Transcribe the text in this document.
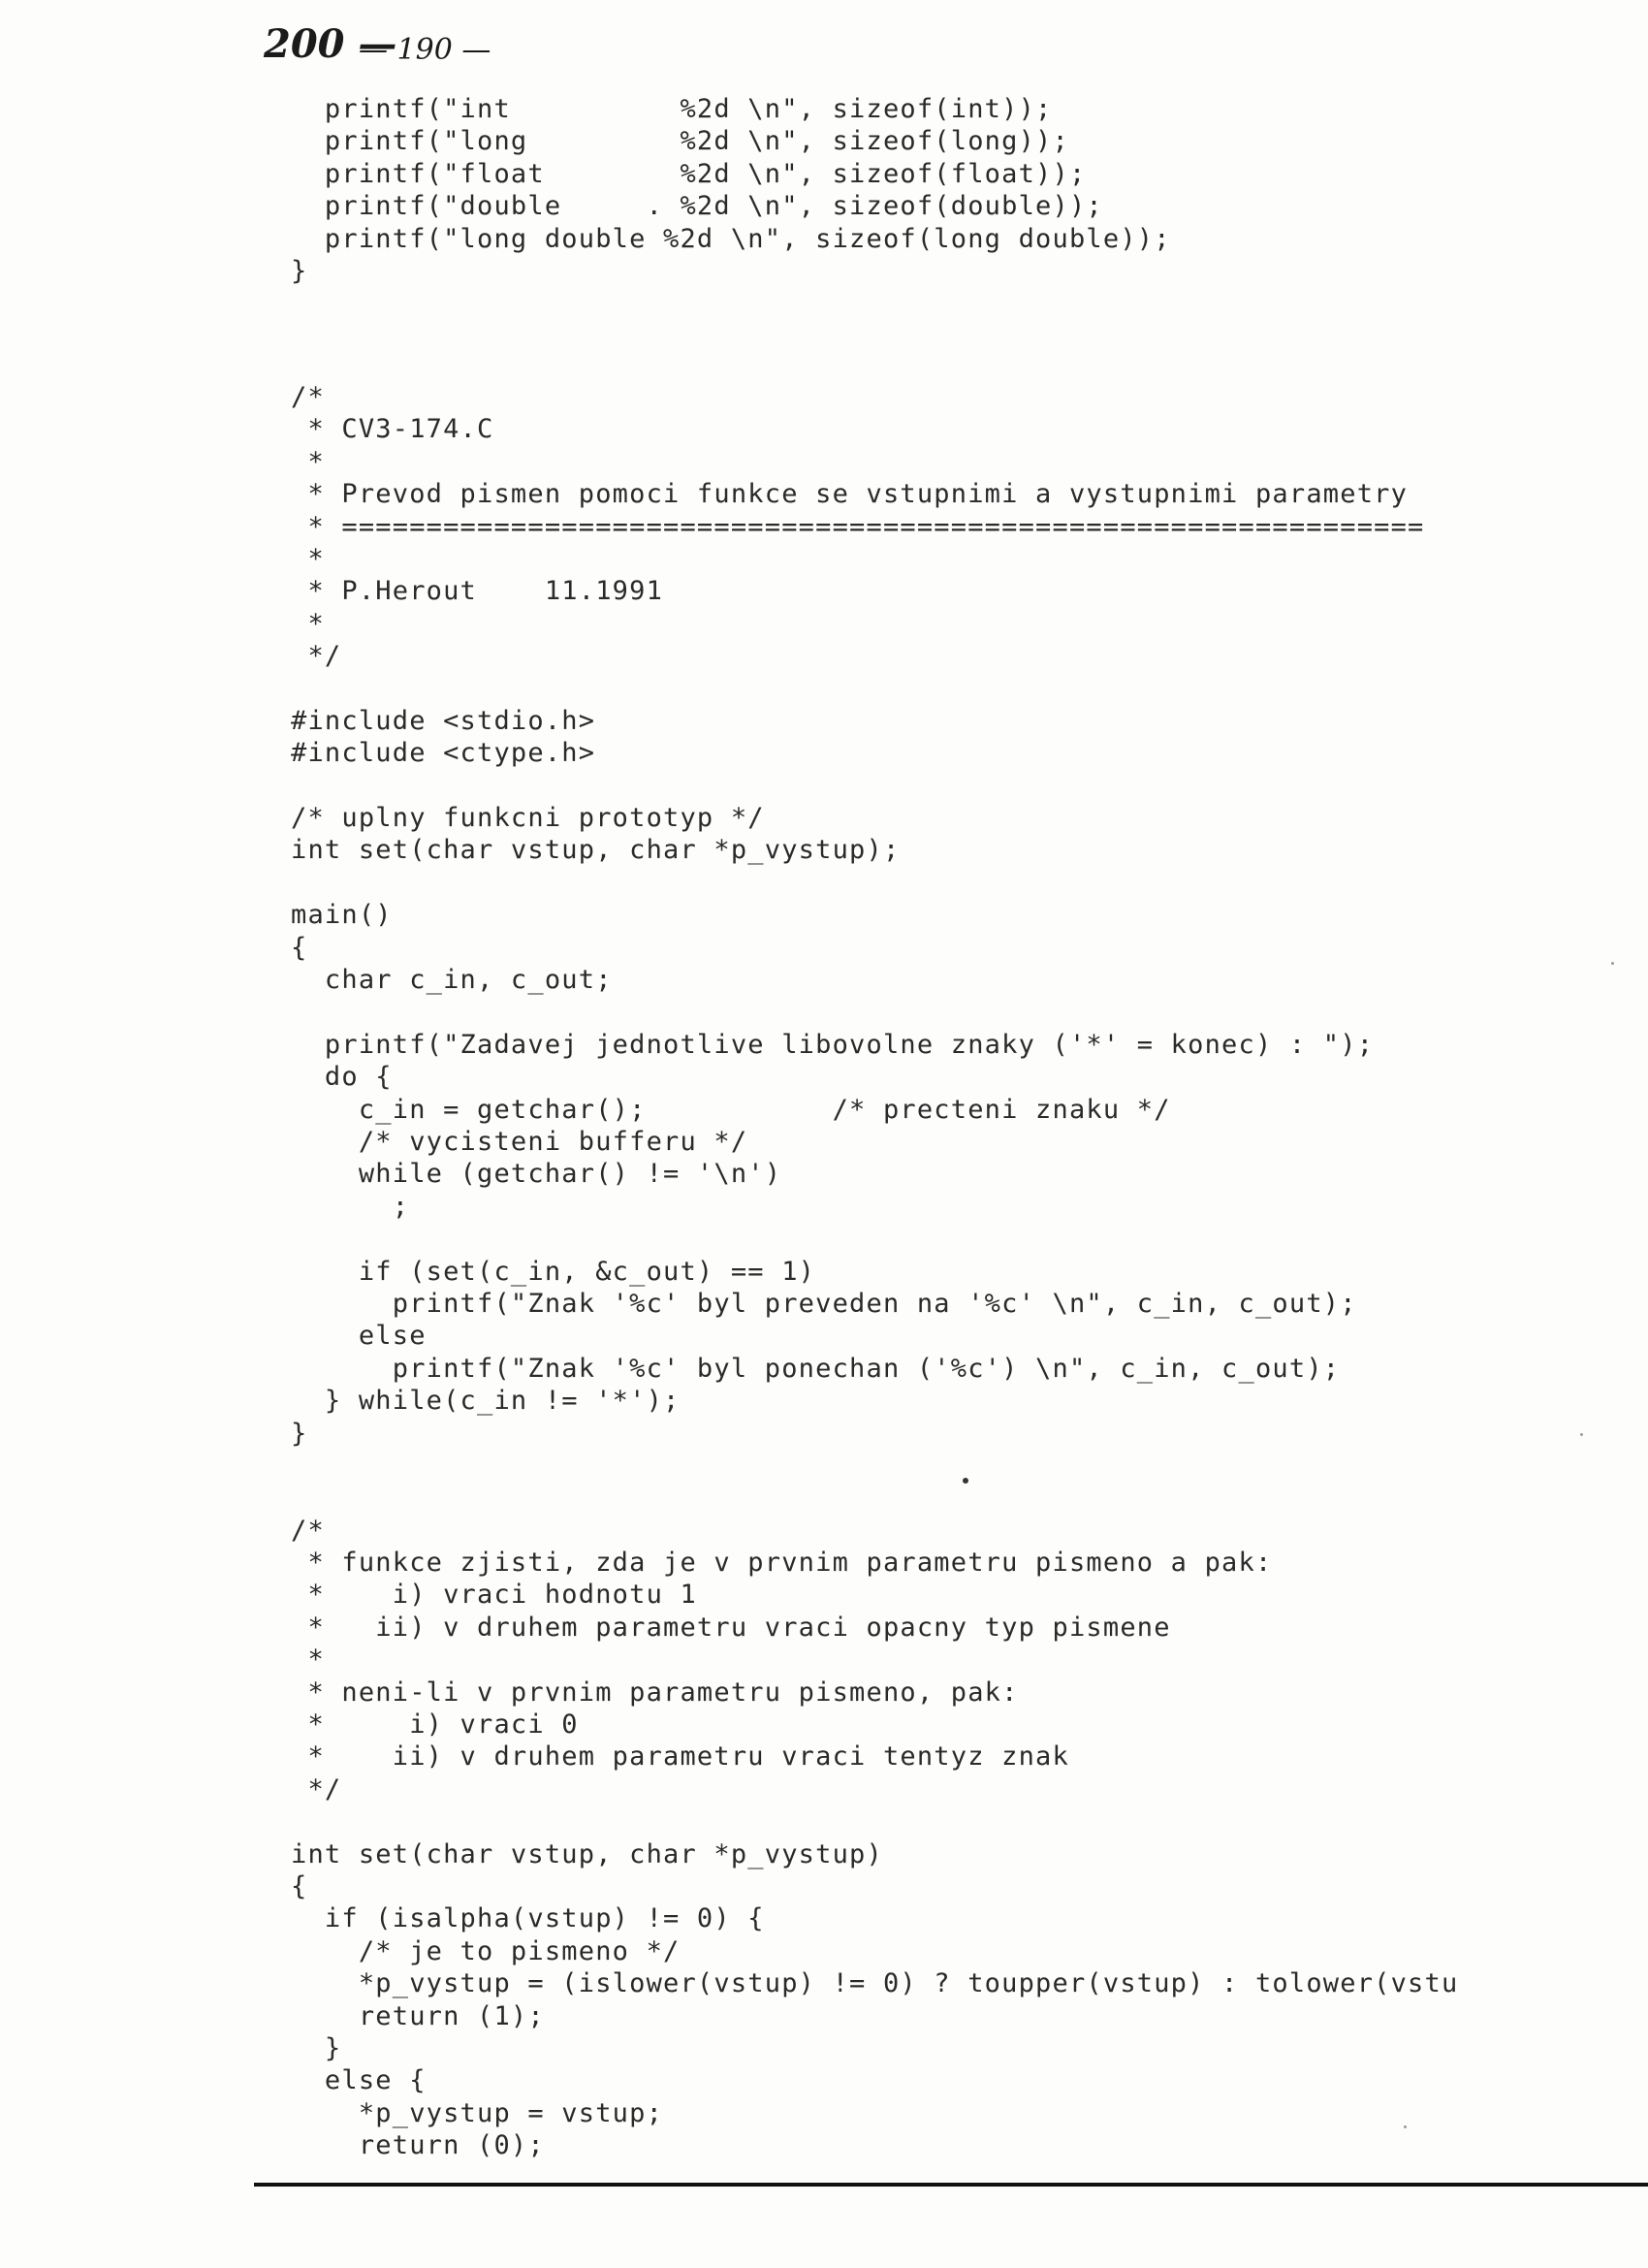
200 —
— 190 —
printf("int          %2d \n", sizeof(int));
printf("long         %2d \n", sizeof(long));
printf("float        %2d \n", sizeof(float));
printf("double     . %2d \n", sizeof(double));
printf("long double %2d \n", sizeof(long double));
}
/*
* CV3-174.C
*
* Prevod pismen pomoci funkce se vstupnimi a vystupnimi parametry
* ================================================================
*
* P.Herout    11.1991
*
*/
#include <stdio.h>
#include <ctype.h>
/* uplny funkcni prototyp */
int set(char vstup, char *p_vystup);
main()
{
char c_in, c_out;
printf("Zadavej jednotlive libovolne znaky ('*' = konec) : ");
do {
c_in = getchar();           /* precteni znaku */
/* vycisteni bufferu */
while (getchar() != '\n')
;
if (set(c_in, &c_out) == 1)
printf("Znak '%c' byl preveden na '%c' \n", c_in, c_out);
else
printf("Znak '%c' byl ponechan ('%c') \n", c_in, c_out);
} while(c_in != '*');
}
/*
* funkce zjisti, zda je v prvnim parametru pismeno a pak:
*    i) vraci hodnotu 1
*   ii) v druhem parametru vraci opacny typ pismene
*
* neni-li v prvnim parametru pismeno, pak:
*     i) vraci 0
*    ii) v druhem parametru vraci tentyz znak
*/
int set(char vstup, char *p_vystup)
{
if (isalpha(vstup) != 0) {
/* je to pismeno */
*p_vystup = (islower(vstup) != 0) ? toupper(vstup) : tolower(vstu
return (1);
}
else {
*p_vystup = vstup;
return (0);
